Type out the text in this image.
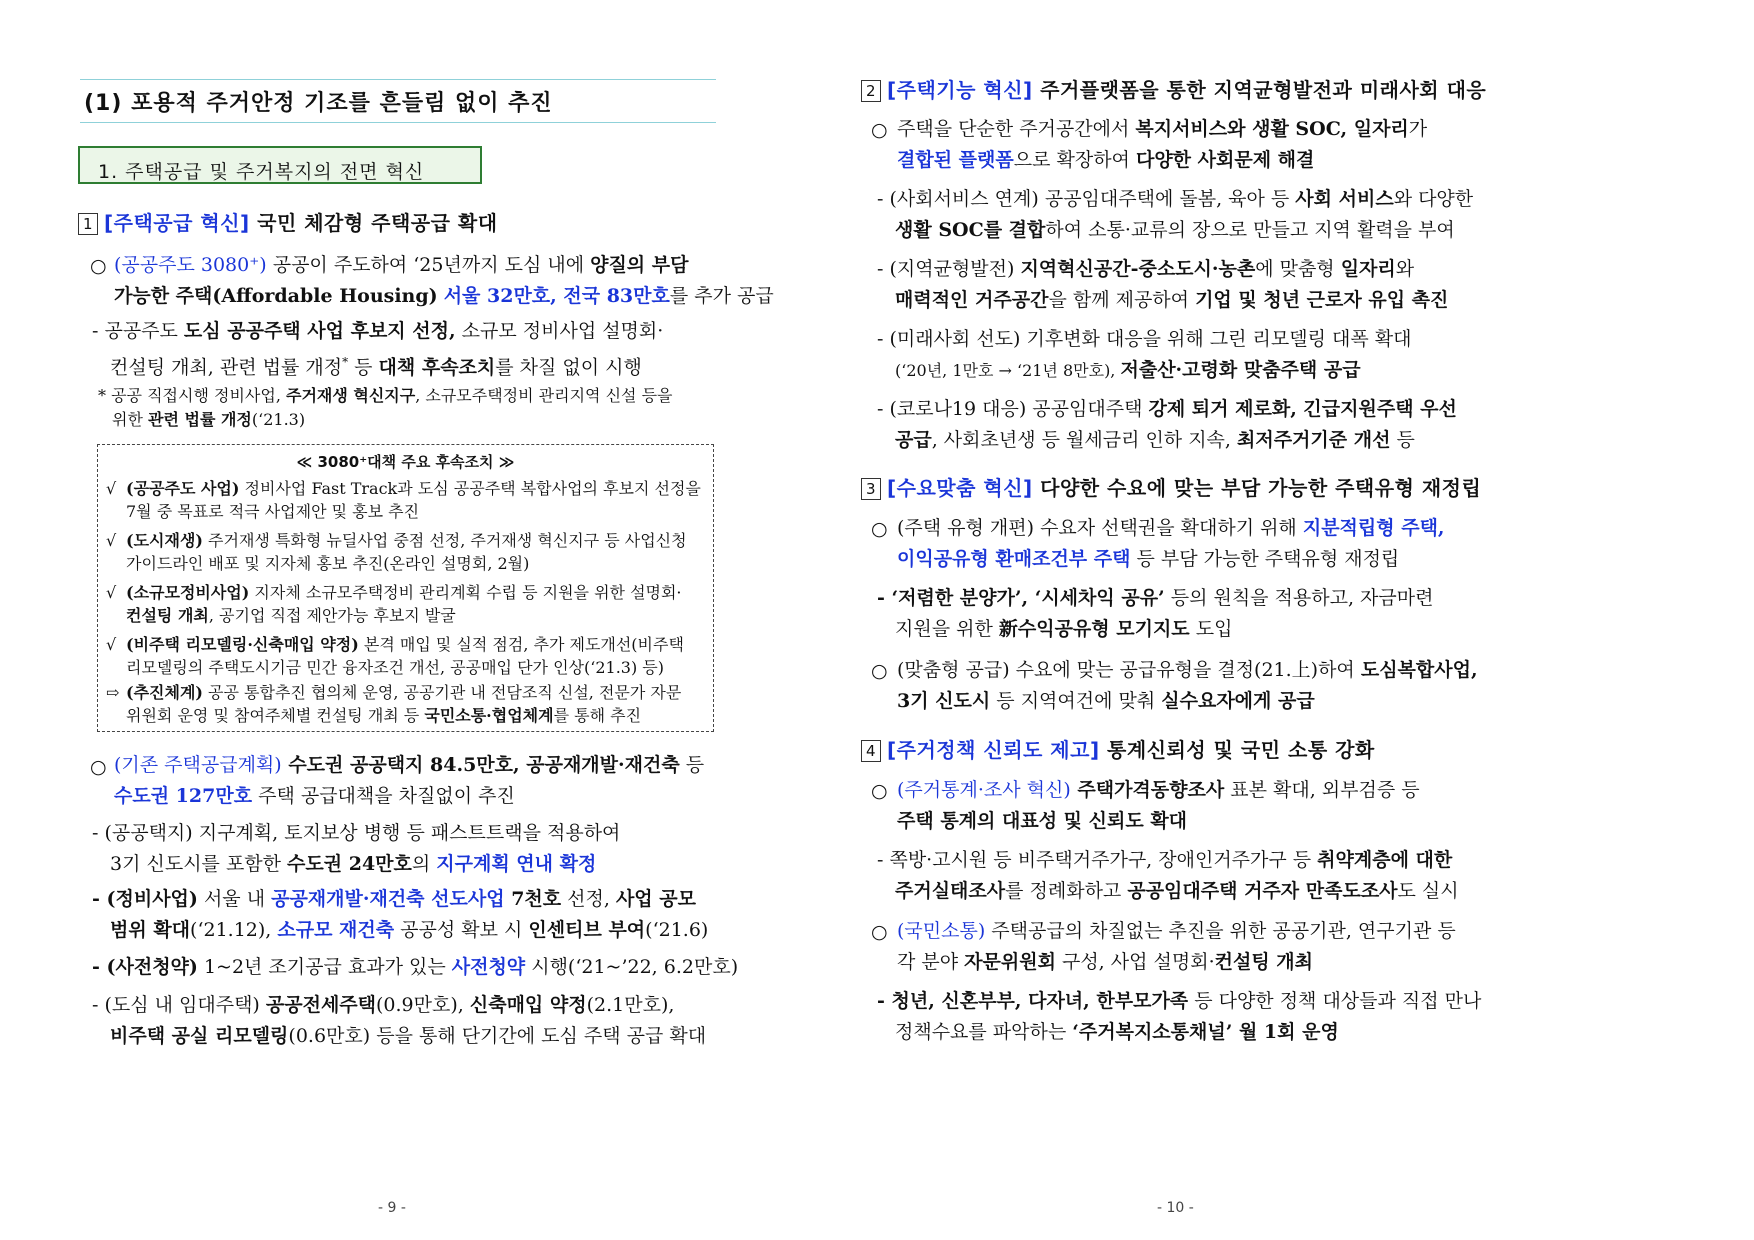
(1) 포용적 주거안정 기조를 흔들림 없이 추진
1. 주택공급 및 주거복지의 전면 혁신
1 [주택공급 혁신] 국민 체감형 주택공급 확대
○ (공공주도 3080⁺) 공공이 주도하여 ‘25년까지 도심 내에 양질의 부담
가능한 주택(Affordable Housing) 서울 32만호, 전국 83만호를 추가 공급
- 공공주도 도심 공공주택 사업 후보지 선정, 소규모 정비사업 설명회·
컨설팅 개최, 관련 법률 개정* 등 대책 후속조치를 차질 없이 시행
* 공공 직접시행 정비사업, 주거재생 혁신지구, 소규모주택정비 관리지역 신설 등을
위한 관련 법률 개정(‘21.3)
≪ 3080⁺대책 주요 후속조치 ≫
√ (공공주도 사업) 정비사업 Fast Track과 도심 공공주택 복합사업의 후보지 선정을
7월 중 목표로 적극 사업제안 및 홍보 추진
√ (도시재생) 주거재생 특화형 뉴딜사업 중점 선정, 주거재생 혁신지구 등 사업신청
가이드라인 배포 및 지자체 홍보 추진(온라인 설명회, 2월)
√ (소규모정비사업) 지자체 소규모주택정비 관리계획 수립 등 지원을 위한 설명회·
컨설팅 개최, 공기업 직접 제안가능 후보지 발굴
√ (비주택 리모델링·신축매입 약정) 본격 매입 및 실적 점검, 추가 제도개선(비주택
리모델링의 주택도시기금 민간 융자조건 개선, 공공매입 단가 인상(‘21.3) 등)
⇨ (추진체계) 공공 통합추진 협의체 운영, 공공기관 내 전담조직 신설, 전문가 자문
위원회 운영 및 참여주체별 컨설팅 개최 등 국민소통·협업체계를 통해 추진
○ (기존 주택공급계획) 수도권 공공택지 84.5만호, 공공재개발·재건축 등
수도권 127만호 주택 공급대책을 차질없이 추진
- (공공택지) 지구계획, 토지보상 병행 등 패스트트랙을 적용하여
3기 신도시를 포함한 수도권 24만호의 지구계획 연내 확정
- (정비사업) 서울 내 공공재개발·재건축 선도사업 7천호 선정, 사업 공모
범위 확대(‘21.12), 소규모 재건축 공공성 확보 시 인센티브 부여(‘21.6)
- (사전청약) 1~2년 조기공급 효과가 있는 사전청약 시행(‘21~’22, 6.2만호)
- (도심 내 임대주택) 공공전세주택(0.9만호), 신축매입 약정(2.1만호),
비주택 공실 리모델링(0.6만호) 등을 통해 단기간에 도심 주택 공급 확대
- 9 -
2 [주택기능 혁신] 주거플랫폼을 통한 지역균형발전과 미래사회 대응
○ 주택을 단순한 주거공간에서 복지서비스와 생활 SOC, 일자리가
결합된 플랫폼으로 확장하여 다양한 사회문제 해결
- (사회서비스 연계) 공공임대주택에 돌봄, 육아 등 사회 서비스와 다양한
생활 SOC를 결합하여 소통·교류의 장으로 만들고 지역 활력을 부여
- (지역균형발전) 지역혁신공간-중소도시·농촌에 맞춤형 일자리와
매력적인 거주공간을 함께 제공하여 기업 및 청년 근로자 유입 촉진
- (미래사회 선도) 기후변화 대응을 위해 그린 리모델링 대폭 확대
(‘20년, 1만호 → ‘21년 8만호), 저출산·고령화 맞춤주택 공급
- (코로나19 대응) 공공임대주택 강제 퇴거 제로화, 긴급지원주택 우선
공급, 사회초년생 등 월세금리 인하 지속, 최저주거기준 개선 등
3 [수요맞춤 혁신] 다양한 수요에 맞는 부담 가능한 주택유형 재정립
○ (주택 유형 개편) 수요자 선택권을 확대하기 위해 지분적립형 주택,
이익공유형 환매조건부 주택 등 부담 가능한 주택유형 재정립
- ‘저렴한 분양가’, ‘시세차익 공유’ 등의 원칙을 적용하고, 자금마련
지원을 위한 新수익공유형 모기지도 도입
○ (맞춤형 공급) 수요에 맞는 공급유형을 결정(21.上)하여 도심복합사업,
3기 신도시 등 지역여건에 맞춰 실수요자에게 공급
4 [주거정책 신뢰도 제고] 통계신뢰성 및 국민 소통 강화
○ (주거통계·조사 혁신) 주택가격동향조사 표본 확대, 외부검증 등
주택 통계의 대표성 및 신뢰도 확대
- 쪽방·고시원 등 비주택거주가구, 장애인거주가구 등 취약계층에 대한
주거실태조사를 정례화하고 공공임대주택 거주자 만족도조사도 실시
○ (국민소통) 주택공급의 차질없는 추진을 위한 공공기관, 연구기관 등
각 분야 자문위원회 구성, 사업 설명회·컨설팅 개최
- 청년, 신혼부부, 다자녀, 한부모가족 등 다양한 정책 대상들과 직접 만나
정책수요를 파악하는 ‘주거복지소통채널’ 월 1회 운영
- 10 -
